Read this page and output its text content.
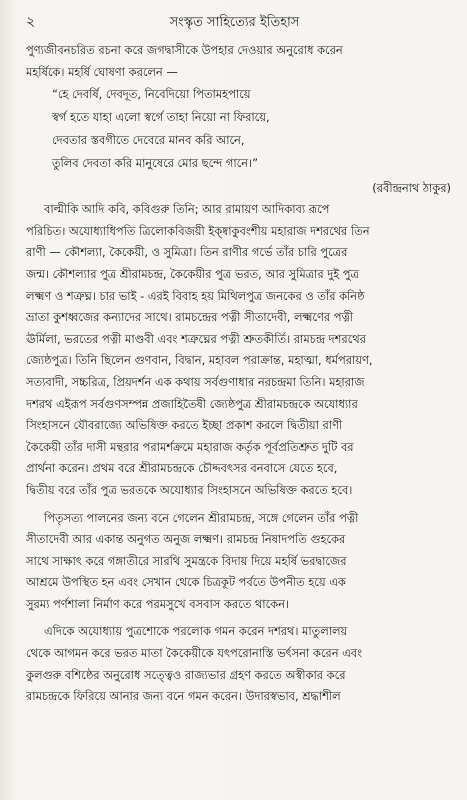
২	সংস্কৃত সাহিত্যের ইতিহাস
পুণ্যজীবনচরিত রচনা করে জগদ্বাসীকে উপহার দেওয়ার অনুরোধ করেন
মহর্ষিকে। মহর্ষি ঘোষণা করলেন —
“হে দেবর্ষি, দেবদূত, নিবেদিয়ো পিতামহপায়ে
স্বর্গ হতে যাহা এলো স্বর্গে তাহা নিয়ো না ফিরায়ে,
দেবতার স্তবগীতে দেবেরে মানব করি আনে,
তুলিব দেবতা করি মানুষেরে মোর ছন্দে গানে।”
(রবীন্দ্রনাথ ঠাকুর)
বাল্মীকি আদি কবি, কবিগুরু তিনি; আর রামায়ণ আদিকাব্য রূপে
পরিচিত। অযোধ্যাধিপতি ত্রিলোকবিজয়ী ইক্ষ্বাকুবংশীয় মহারাজ দশরথের তিন
রাণী — কৌশল্যা, কৈকেয়ী, ও সুমিত্রা। তিন রাণীর গর্ভে তাঁর চারি পুত্রের
জন্ম। কৌশল্যার পুত্র শ্রীরামচন্দ্র, কৈকেয়ীর পুত্র ভরত, আর সুমিত্রার দুই পুত্র
লক্ষ্মণ ও শত্রুঘ্ন। চার ভাই - এরই বিবাহ হয় মিথিলপুত্র জনকের ও তাঁর কনিষ্ঠ
ভ্রাতা কুশধ্বজের কন্যাদের সাথে। রামচন্দ্রের পত্নী সীতাদেবী, লক্ষ্মণের পত্নী
ঊর্মিলা, ভরতের পত্নী মাণ্ডবী এবং শত্রুঘ্নের পত্নী শ্রুতকীর্তি। রামচন্দ্র দশরথের
জ্যেষ্ঠপুত্র। তিনি ছিলেন গুণবান, বিদ্বান, মহাবল পরাক্রান্ত, মহাত্মা, ধর্মপরায়ণ,
সত্যবাদী, সচ্চরিত্র, প্রিয়দর্শন এক কথায় সর্বগুণাধার নরচন্দ্রমা তিনি। মহারাজ
দশরথ এইরূপ সর্বগুণসম্পন্ন প্রজাহিতৈষী জ্যেষ্ঠপুত্র শ্রীরামচন্দ্রকে অযোধ্যার
সিংহাসনে যৌবরাজ্যে অভিষিক্ত করতে ইচ্ছা প্রকাশ করলে দ্বিতীয়া রাণী
কৈকেয়ী তাঁর দাসী মন্থরার পরামর্শক্রমে মহারাজ কর্তৃক পূর্বপ্রতিশ্রুত দুটি বর
প্রার্থনা করেন। প্রথম বরে শ্রীরামচন্দ্রকে চৌদ্দবৎসর বনবাসে যেতে হবে,
দ্বিতীয় বরে তাঁর পুত্র ভরতকে অযোধ্যার সিংহাসনে অভিষিক্ত করতে হবে।
পিতৃসত্য পালনের জন্য বনে গেলেন শ্রীরামচন্দ্র, সঙ্গে গেলেন তাঁর পত্নী
সীতাদেবী আর একান্ত অনুগত অনুজ লক্ষ্মণ। রামচন্দ্র নিষাদপতি গুহকের
সাথে সাক্ষাৎ করে গঙ্গাতীরে সারথি সুমন্ত্রকে বিদায় দিয়ে মহর্ষি ভরদ্বাজের
আশ্রমে উপস্থিত হন এবং সেখান থেকে চিত্রকূট পর্বতে উপনীত হয়ে এক
সুরম্য পর্ণশালা নির্মাণ করে পরমসুখে বসবাস করতে থাকেন।
এদিকে অযোধ্যায় পুত্রশোকে পরলোক গমন করেন দশরথ। মাতুলালয়
থেকে আগমন করে ভরত মাতা কৈকেয়ীকে যৎপরোনাস্তি ভর্ৎসনা করেন এবং
কুলগুরু বশিষ্ঠের অনুরোধ সত্ত্বেও রাজ্যভার গ্রহণ করতে অস্বীকার করে
রামচন্দ্রকে ফিরিয়ে আনার জন্য বনে গমন করেন। উদারস্বভাব, শ্রদ্ধাশীল
